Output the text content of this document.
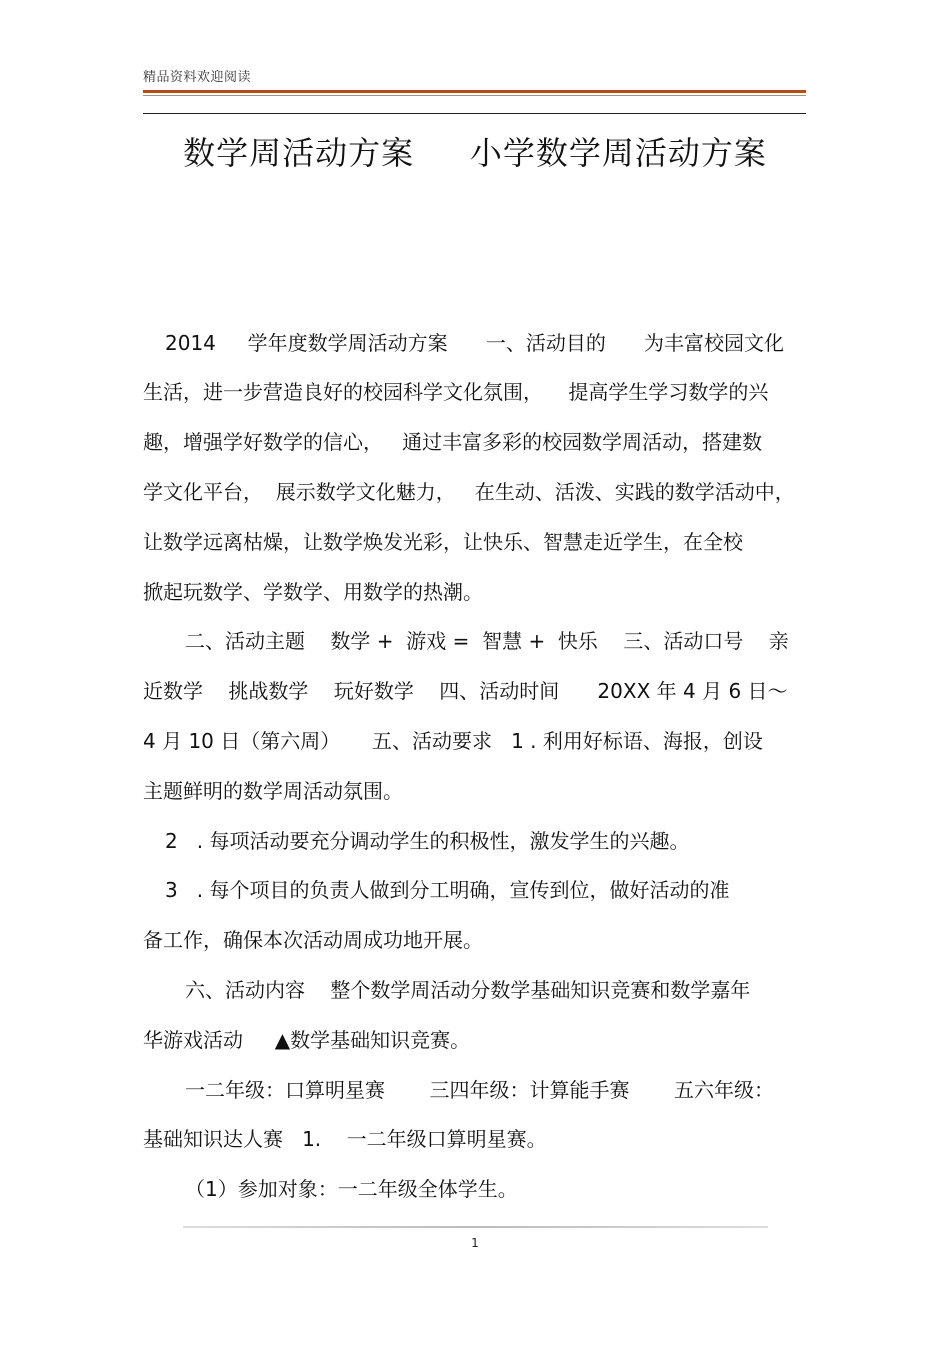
精品资料欢迎阅读
数学周活动方案     小学数学周活动方案
2014     学年度数学周活动方案      一、活动目的      为丰富校园文化
生活，进一步营造良好的校园科学文化氛围，    提高学生学习数学的兴
趣，增强学好数学的信心，   通过丰富多彩的校园数学周活动，搭建数
学文化平台，  展示数学文化魅力，   在生动、活泼、实践的数学活动中，
让数学远离枯燥，让数学焕发光彩，让快乐、智慧走近学生，在全校
掀起玩数学、学数学、用数学的热潮。
二、活动主题    数学 +  游戏 =  智慧 +  快乐    三、活动口号    亲
近数学    挑战数学    玩好数学    四、活动时间      20XX 年 4 月 6 日～
4 月 10 日（第六周）     五、活动要求   1 . 利用好标语、海报，创设
主题鲜明的数学周活动氛围。
2   . 每项活动要充分调动学生的积极性，激发学生的兴趣。
3   . 每个项目的负责人做到分工明确，宣传到位，做好活动的准
备工作，确保本次活动周成功地开展。
六、活动内容    整个数学周活动分数学基础知识竞赛和数学嘉年
华游戏活动     ▲数学基础知识竞赛。
一二年级：口算明星赛       三四年级：计算能手赛       五六年级：
基础知识达人赛   1.    一二年级口算明星赛。
（1）参加对象：一二年级全体学生。
1
